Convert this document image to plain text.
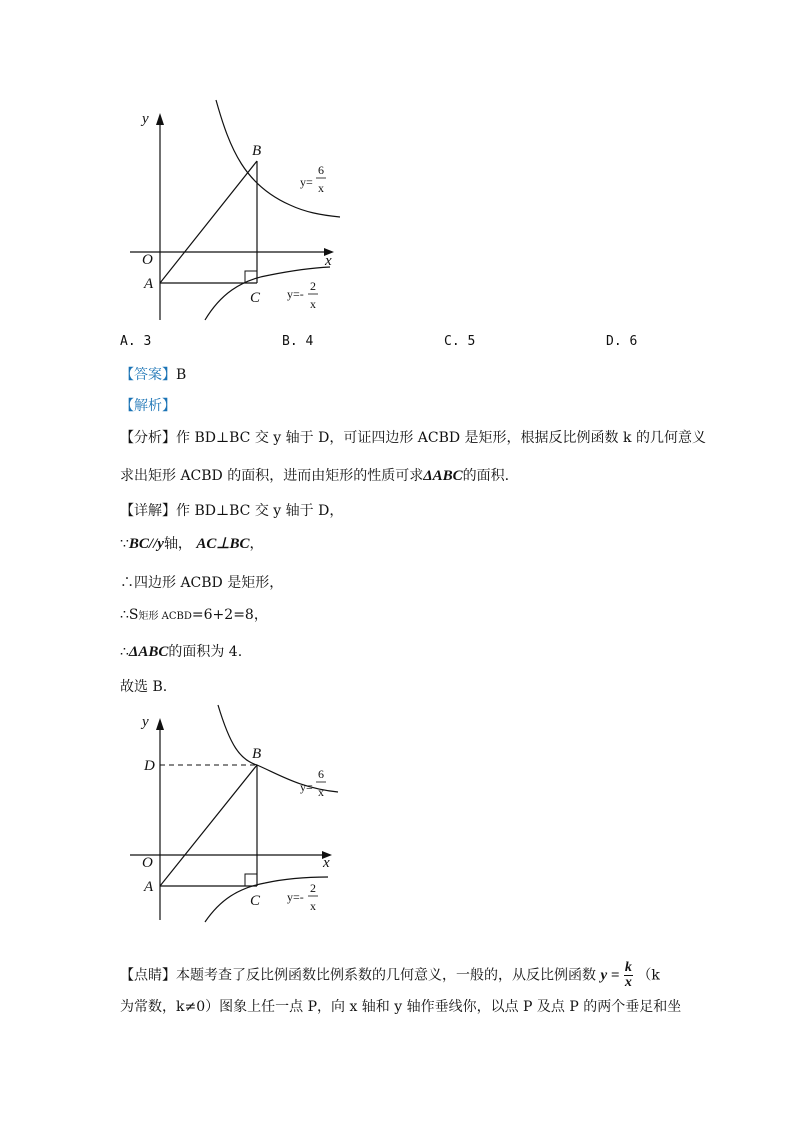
y
x
O
A
B
C
y=
6
x
y=-
2
x
A. 3	B. 4	C. 5	D. 6
【答案】B
【解析】
【分析】作 BD⊥BC 交 y 轴于 D，可证四边形 ACBD 是矩形，根据反比例函数 k 的几何意义
求出矩形 ACBD 的面积，进而由矩形的性质可求ΔABC的面积.
【详解】作 BD⊥BC 交 y 轴于 D，
∵BC//y轴， AC⊥BC，
∴四边形 ACBD 是矩形，
∴S矩形 ACBD=6+2=8，
∴ΔABC的面积为 4.
故选 B.
y
x
O
A
B
C
D
y=
6
x
y=-
2
x
【点睛】本题考查了反比例函数比例系数的几何意义，一般的，从反比例函数 $y = \frac{k}{x} (k$
为常数，k≠0）图象上任一点 P，向 x 轴和 y 轴作垂线你，以点 P 及点 P 的两个垂足和坐
